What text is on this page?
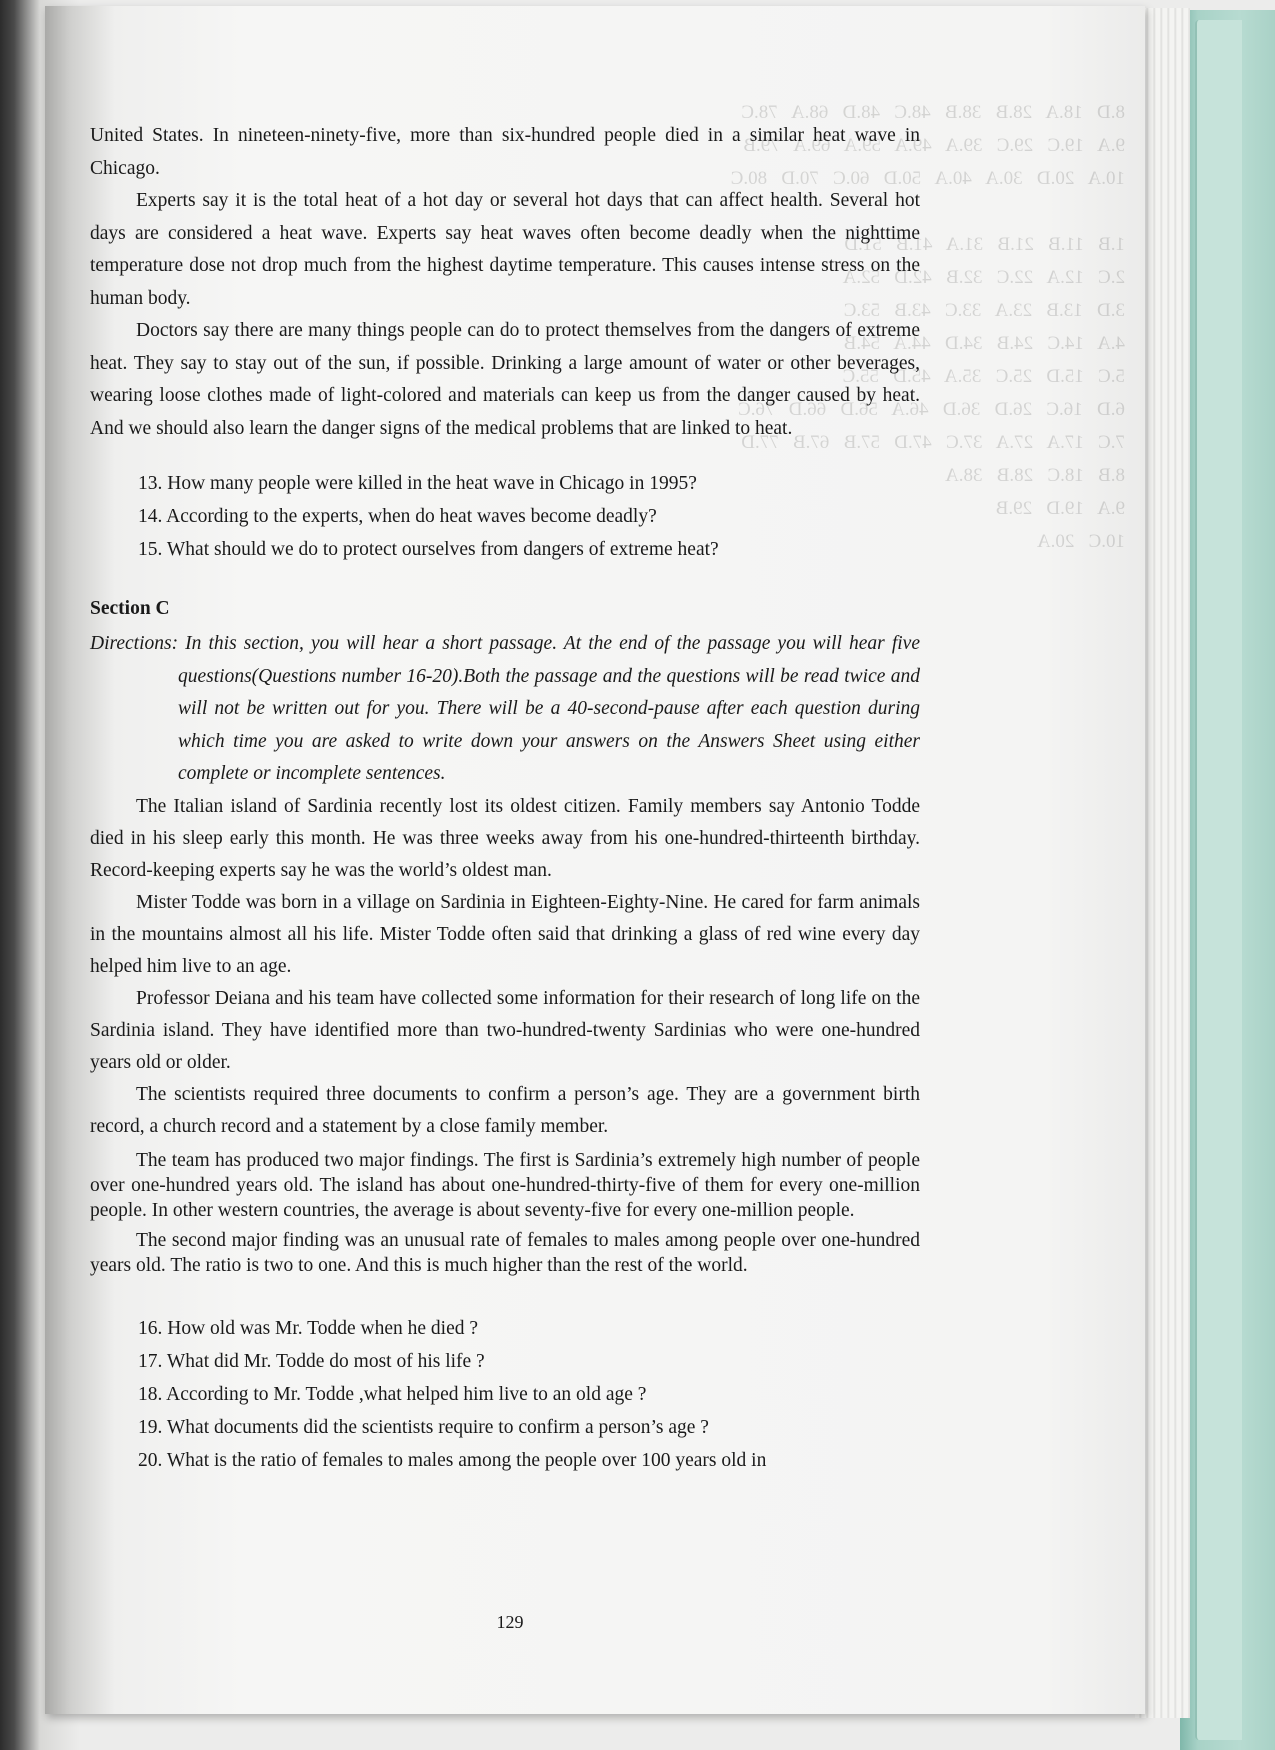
8.D   18.A   28.B   38.B   48.C   48.D   68.A   78.C
9.A   19.C   29.C   39.A   49.A   59.A   69.A   79.B
10.A   20.D   30.A   40.A   50.D   60.C   70.D   80.C

1.B   11.B   21.B   31.A   41.B   51.D
2.C   12.A   22.C   32.B   42.D   52.A
3.D   13.B   23.A   33.C   43.B   53.C
4.A   14.C   24.B   34.D   44.A   54.B
5.C   15.D   25.C   35.A   45.D   55.C
6.D   16.C   26.D   36.D   46.A   56.D   66.D   76.C
7.C   17.A   27.A   37.C   47.D   57.B   67.B   77.D
8.B   18.C   28.B   38.A
9.A   19.D   29.B
10.C   20.A

United States. In nineteen-ninety-five, more than six-hundred people died in a similar heat wave in Chicago.

Experts say it is the total heat of a hot day or several hot days that can affect health. Several hot days are considered a heat wave. Experts say heat waves often become deadly when the nighttime temperature dose not drop much from the highest daytime temperature. This causes intense stress on the human body.

Doctors say there are many things people can do to protect themselves from the dangers of extreme heat. They say to stay out of the sun, if possible. Drinking a large amount of water or other beverages, wearing loose clothes made of light-colored and materials can keep us from the danger caused by heat. And we should also learn the danger signs of the medical problems that are linked to heat.

13. How many people were killed in the heat wave in Chicago in 1995?
14. According to the experts, when do heat waves become deadly?
15. What should we do to protect ourselves from dangers of extreme heat?

Section C

Directions: In this section, you will hear a short passage. At the end of the passage you will hear five questions(Questions number 16-20).Both the passage and the questions will be read twice and will not be written out for you. There will be a 40-second-pause after each question during which time you are asked to write down your answers on the Answers Sheet using either complete or incomplete sentences.

The Italian island of Sardinia recently lost its oldest citizen. Family members say Antonio Todde died in his sleep early this month. He was three weeks away from his one-hundred-thirteenth birthday. Record-keeping experts say he was the world’s oldest man.

Mister Todde was born in a village on Sardinia in Eighteen-Eighty-Nine. He cared for farm animals in the mountains almost all his life. Mister Todde often said that drinking a glass of red wine every day helped him live to an age.

Professor Deiana and his team have collected some information for their research of long life on the Sardinia island. They have identified more than two-hundred-twenty Sardinias who were one-hundred years old or older.

The scientists required three documents to confirm a person’s age. They are a government birth record, a church record and a statement by a close family member.

The team has produced two major findings. The first is Sardinia’s extremely high number of people over one-hundred years old. The island has about one-hundred-thirty-five of them for every one-million people. In other western countries, the average is about seventy-five for every one-million people.

The second major finding was an unusual rate of females to males among people over one-hundred years old. The ratio is two to one. And this is much higher than the rest of the world.

16. How old was Mr. Todde when he died ?
17. What did Mr. Todde do most of his life ?
18. According to Mr. Todde ,what helped him live to an old age ?
19. What documents did the scientists require to confirm a person’s age ?
20. What is the ratio of females to males among the people over 100 years old in
129
